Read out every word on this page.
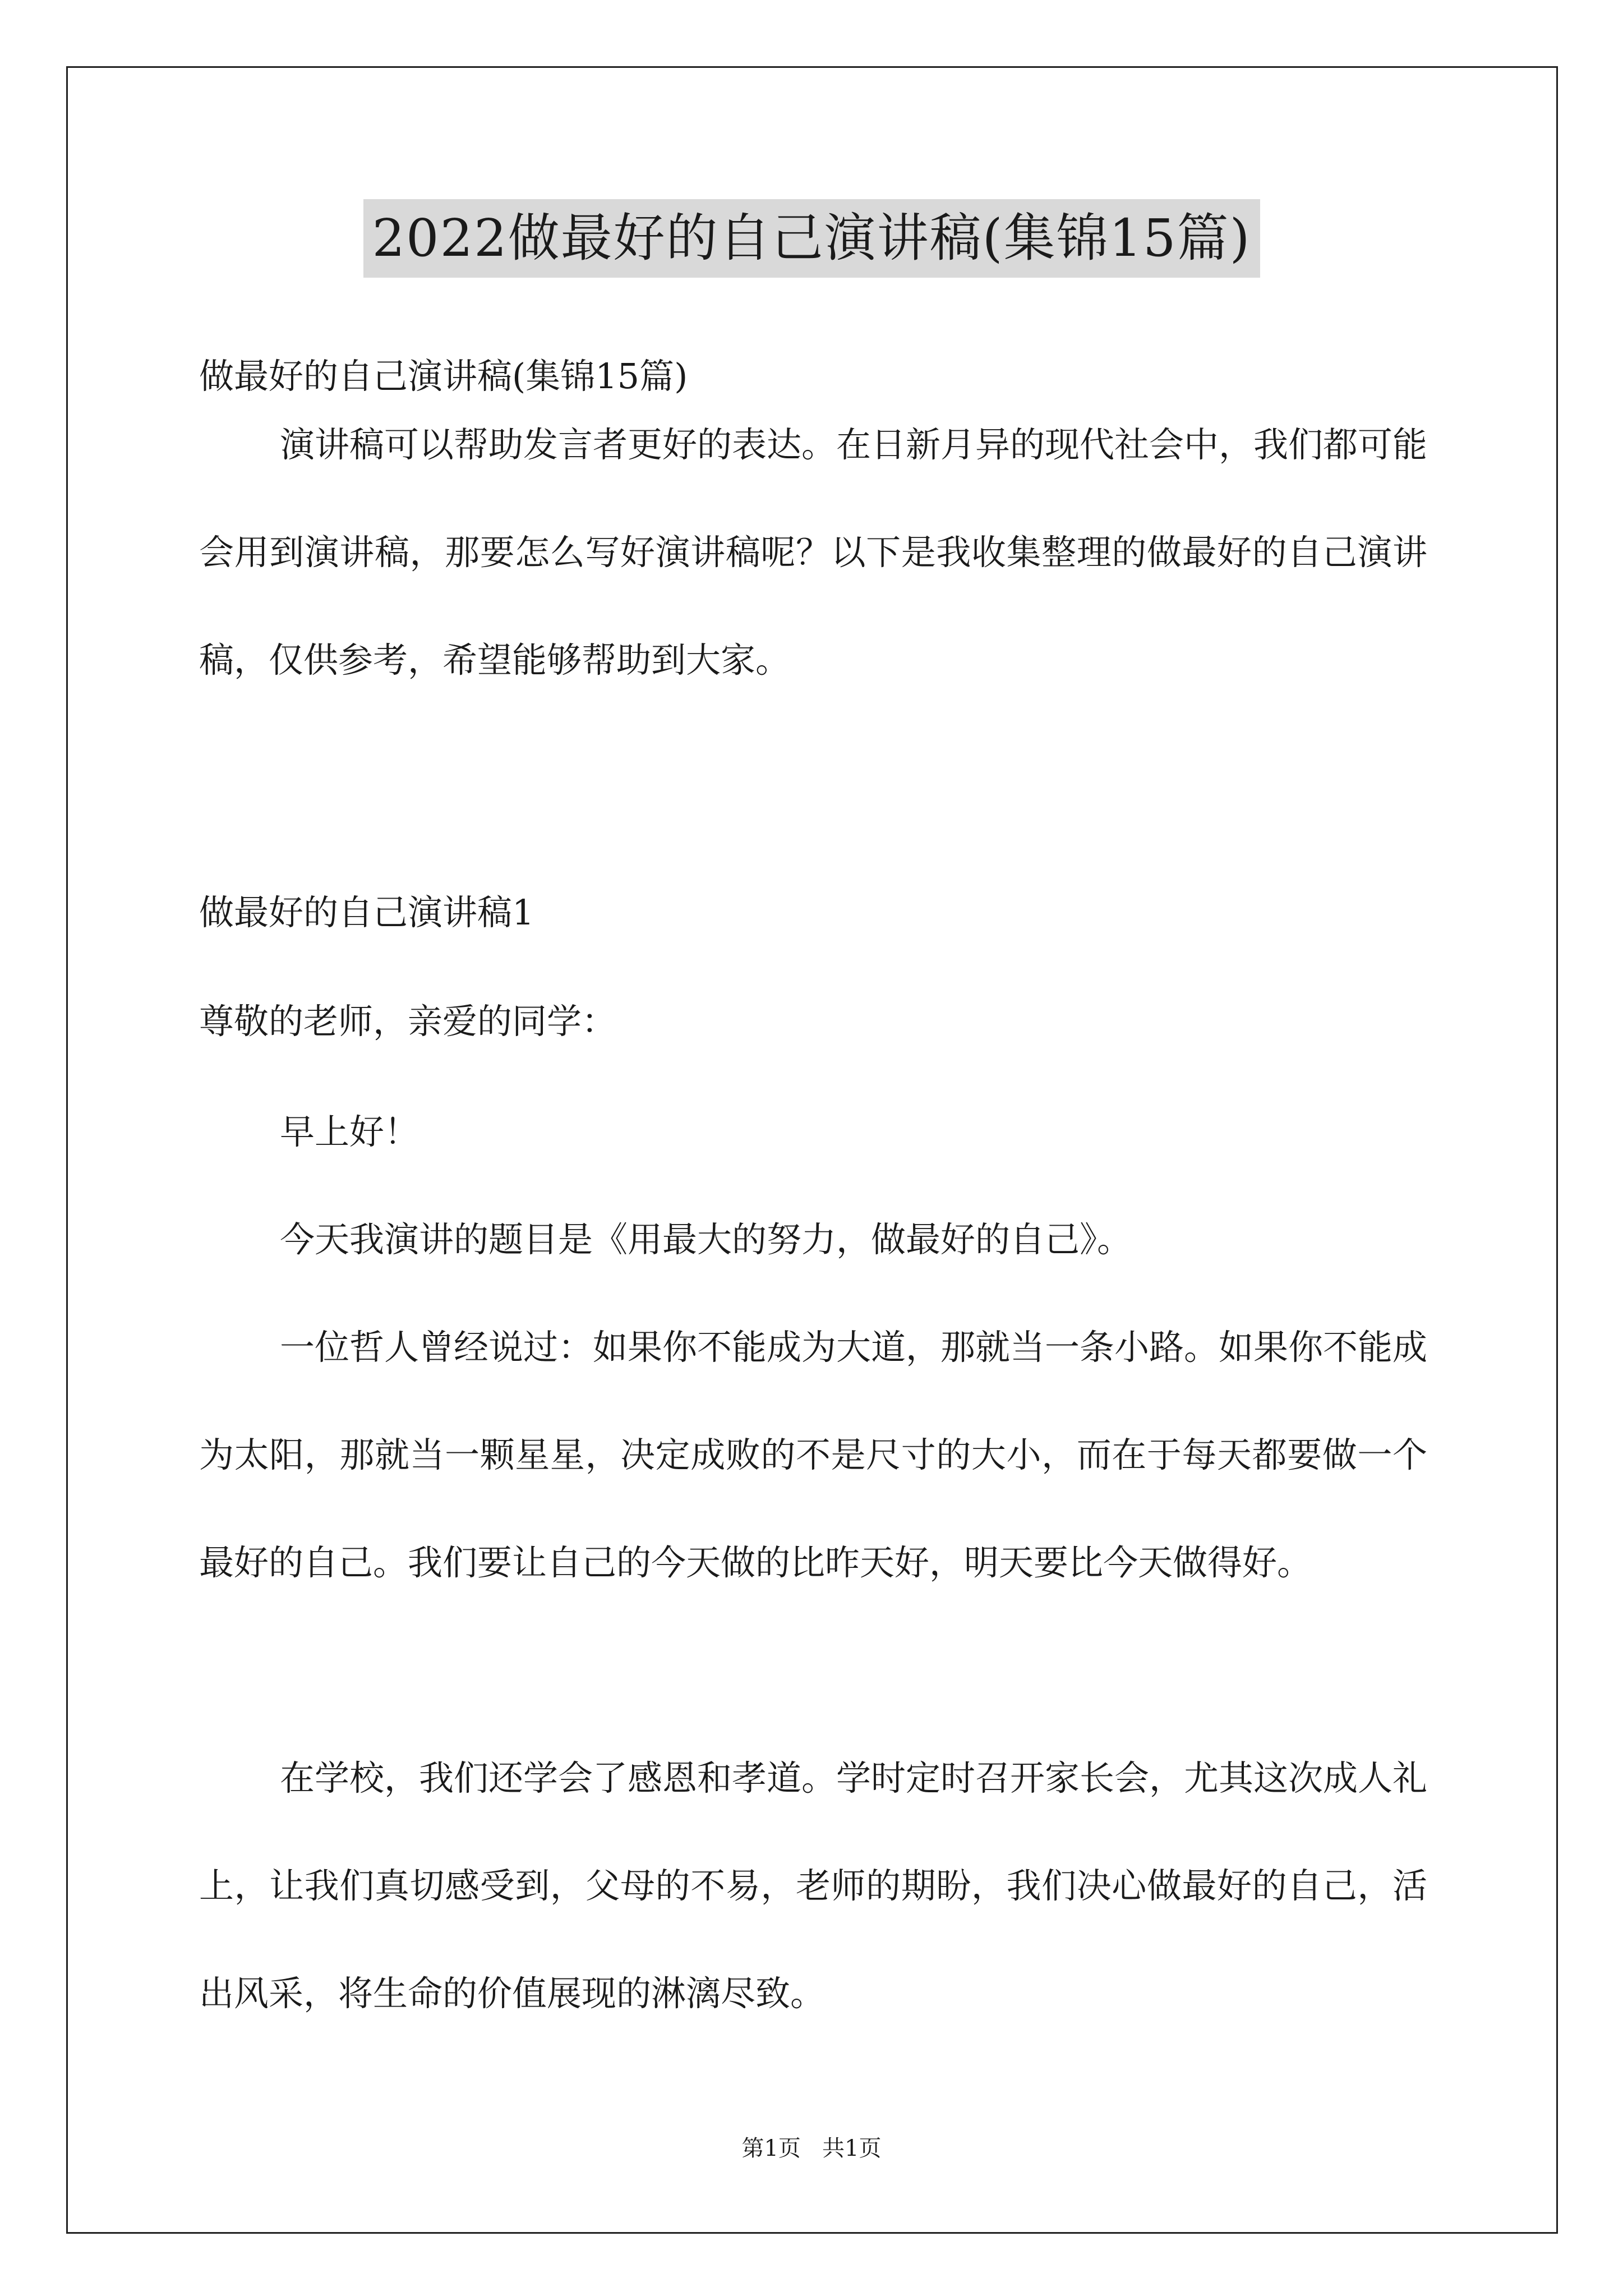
2022做最好的自己演讲稿(集锦15篇)
做最好的自己演讲稿(集锦15篇)
演讲稿可以帮助发言者更好的表达。在日新月异的现代社会中，我们都可能会用到演讲稿，那要怎么写好演讲稿呢？以下是我收集整理的做最好的自己演讲稿，仅供参考，希望能够帮助到大家。
做最好的自己演讲稿1
尊敬的老师，亲爱的同学：
早上好！
今天我演讲的题目是《用最大的努力，做最好的自己》。
一位哲人曾经说过：如果你不能成为大道，那就当一条小路。如果你不能成为太阳，那就当一颗星星，决定成败的不是尺寸的大小，而在于每天都要做一个最好的自己。我们要让自己的今天做的比昨天好，明天要比今天做得好。
在学校，我们还学会了感恩和孝道。学时定时召开家长会，尤其这次成人礼上，让我们真切感受到，父母的不易，老师的期盼，我们决心做最好的自己，活出风采，将生命的价值展现的淋漓尽致。
第1页   共1页
